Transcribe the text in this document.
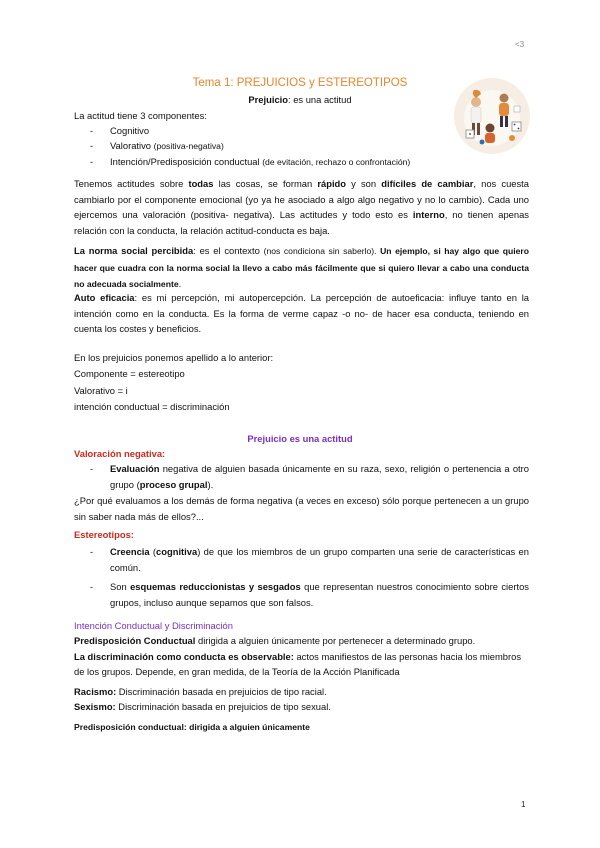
<3
Tema 1: PREJUICIOS y ESTEREOTIPOS
Prejuicio: es una actitud
La actitud tiene 3 componentes:
- Cognitivo
- Valorativo (positiva-negativa)
- Intención/Predisposición conductual (de evitación, rechazo o confrontación)
Tenemos actitudes sobre todas las cosas, se forman rápido y son difíciles de cambiar, nos cuesta cambiarlo por el componente emocional (yo ya he asociado a algo algo negativo y no lo cambio). Cada uno ejercemos una valoración (positiva- negativa). Las actitudes y todo esto es interno, no tienen apenas relación con la conducta, la relación actitud-conducta es baja.
La norma social percibida: es el contexto (nos condiciona sin saberlo). Un ejemplo, si hay algo que quiero hacer que cuadra con la norma social la llevo a cabo más fácilmente que si quiero llevar a cabo una conducta no adecuada socialmente.
Auto eficacia: es mi percepción, mi autopercepción. La percepción de autoeficacia: influye tanto en la intención como en la conducta. Es la forma de verme capaz -o no- de hacer esa conducta, teniendo en cuenta los costes y beneficios.
En los prejuicios ponemos apellido a lo anterior:
Componente = estereotipo
Valorativo = i
intención conductual = discriminación
Prejuicio es una actitud
Valoración negativa:
- Evaluación negativa de alguien basada únicamente en su raza, sexo, religión o pertenencia a otro grupo (proceso grupal).
¿Por qué evaluamos a los demás de forma negativa (a veces en exceso) sólo porque pertenecen a un grupo sin saber nada más de ellos?...
Estereotipos:
- Creencia (cognitiva) de que los miembros de un grupo comparten una serie de características en común.
- Son esquemas reduccionistas y sesgados que representan nuestros conocimiento sobre ciertos grupos, incluso aunque sepamos que son falsos.
Intención Conductual y Discriminación
Predisposición Conductual dirigida a alguien únicamente por pertenecer a determinado grupo.
La discriminación como conducta es observable: actos manifiestos de las personas hacia los miembros de los grupos. Depende, en gran medida, de la Teoría de la Acción Planificada
Racismo: Discriminación basada en prejuicios de tipo racial.
Sexismo: Discriminación basada en prejuicios de tipo sexual.
Predisposición conductual: dirigida a alguien únicamente
1
